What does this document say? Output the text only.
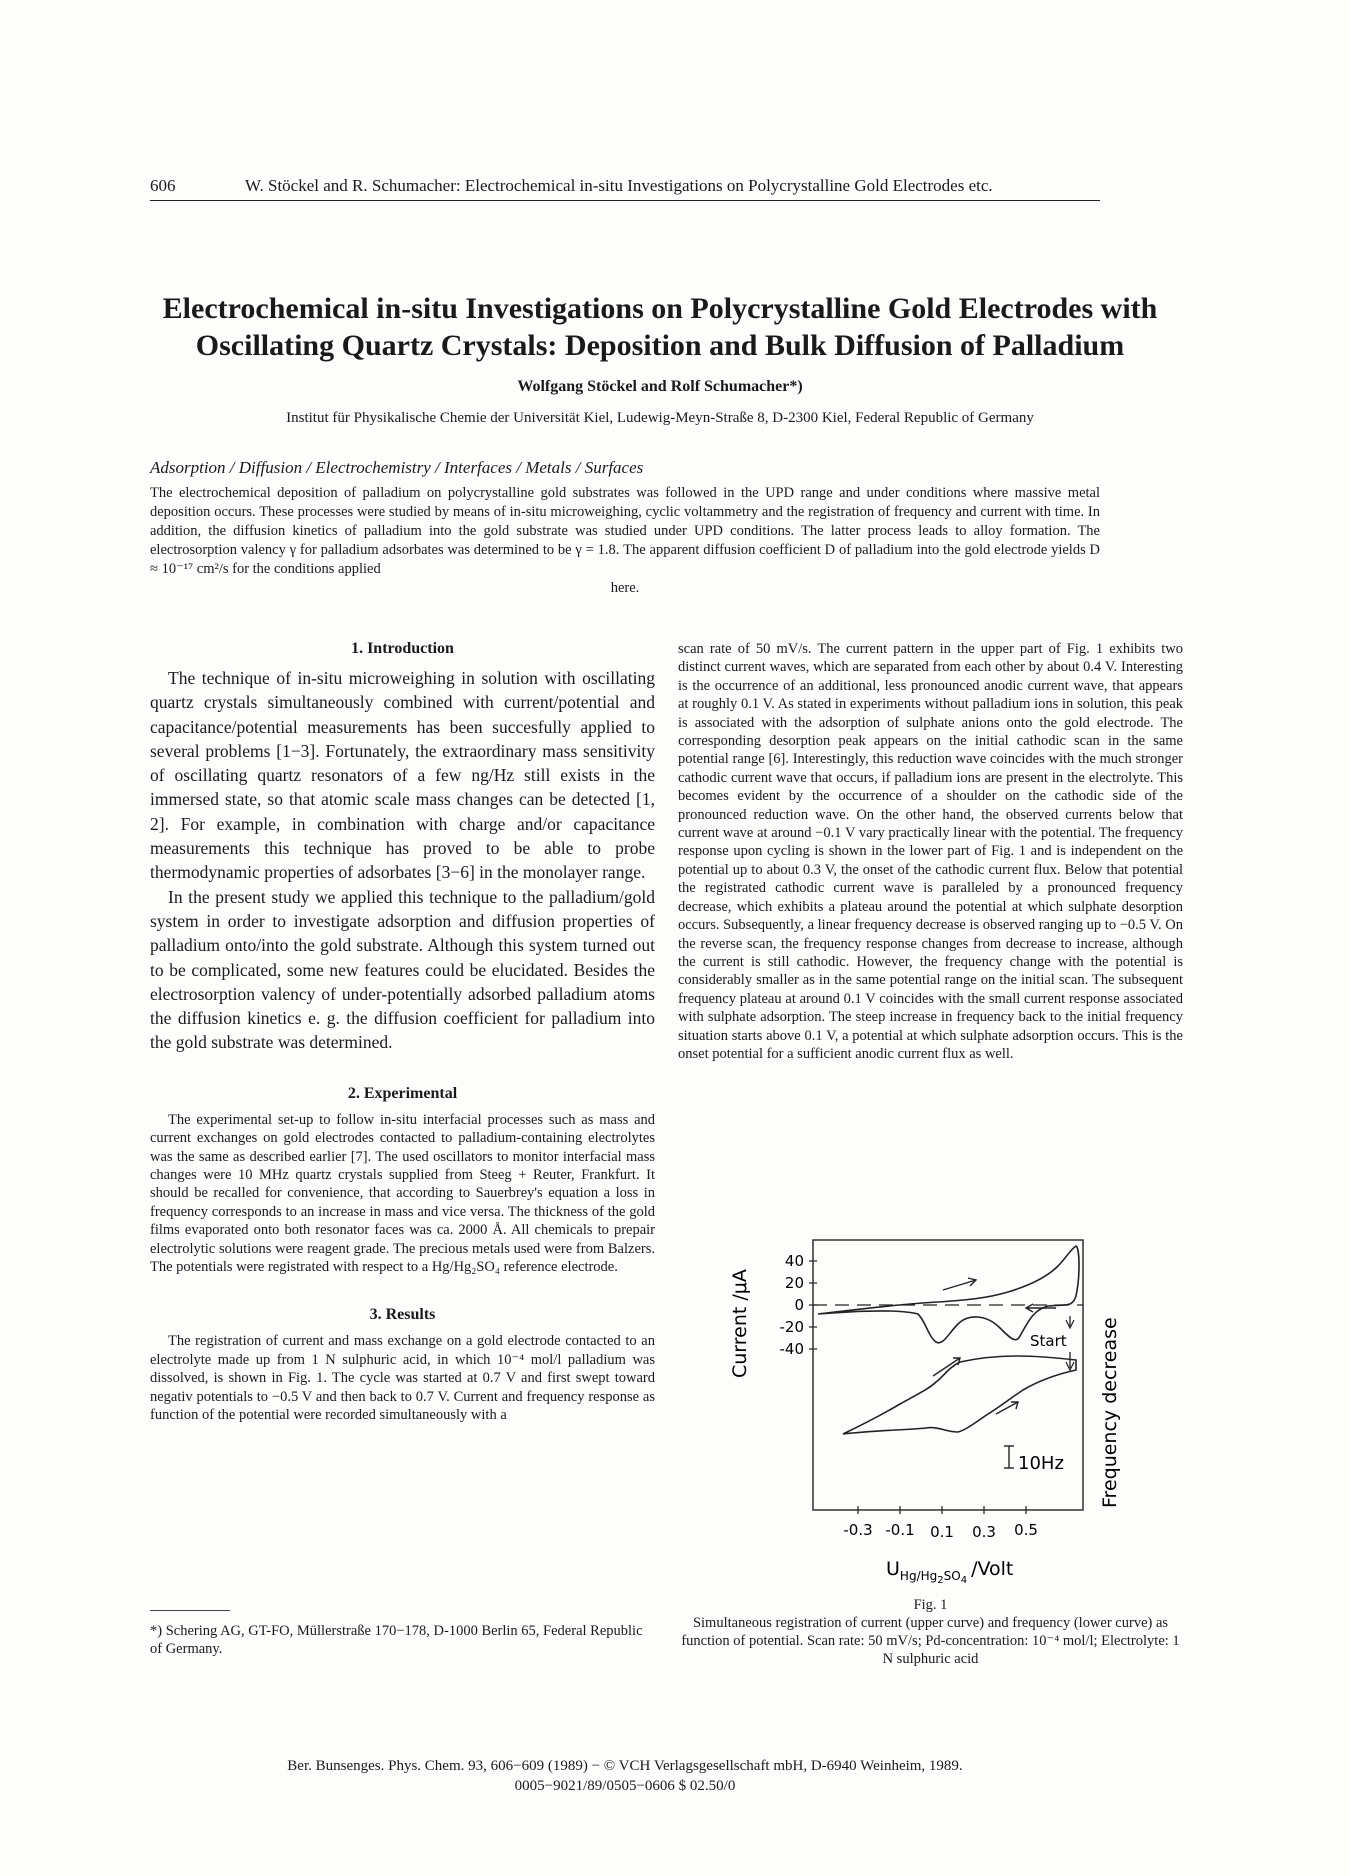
606	W. Stöckel and R. Schumacher: Electrochemical in-situ Investigations on Polycrystalline Gold Electrodes etc.
Electrochemical in-situ Investigations on Polycrystalline Gold Electrodes with
Oscillating Quartz Crystals: Deposition and Bulk Diffusion of Palladium
Wolfgang Stöckel and Rolf Schumacher*)
Institut für Physikalische Chemie der Universität Kiel, Ludewig-Meyn-Straße 8, D-2300 Kiel, Federal Republic of Germany
Adsorption / Diffusion / Electrochemistry / Interfaces / Metals / Surfaces
The electrochemical deposition of palladium on polycrystalline gold substrates was followed in the UPD range and under conditions where massive metal deposition occurs. These processes were studied by means of in-situ microweighing, cyclic voltammetry and the registration of frequency and current with time. In addition, the diffusion kinetics of palladium into the gold substrate was studied under UPD conditions. The latter process leads to alloy formation. The electrosorption valency γ for palladium adsorbates was determined to be γ = 1.8. The apparent diffusion coefficient D of palladium into the gold electrode yields D ≈ 10⁻¹⁷ cm²/s for the conditions applied
here.
1. Introduction

The technique of in-situ microweighing in solution with oscillating quartz crystals simultaneously combined with current/potential and capacitance/potential measurements has been succesfully applied to several problems [1−3]. Fortunately, the extraordinary mass sensitivity of oscillating quartz resonators of a few ng/Hz still exists in the immersed state, so that atomic scale mass changes can be detected [1, 2]. For example, in combination with charge and/or capacitance measurements this technique has proved to be able to probe thermodynamic properties of adsorbates [3−6] in the monolayer range.

In the present study we applied this technique to the palladium/gold system in order to investigate adsorption and diffusion properties of palladium onto/into the gold substrate. Although this system turned out to be complicated, some new features could be elucidated. Besides the electrosorption valency of under-potentially adsorbed palladium atoms the diffusion kinetics e. g. the diffusion coefficient for palladium into the gold substrate was determined.

2. Experimental

The experimental set-up to follow in-situ interfacial processes such as mass and current exchanges on gold electrodes contacted to palladium-containing electrolytes was the same as described earlier [7]. The used oscillators to monitor interfacial mass changes were 10 MHz quartz crystals supplied from Steeg + Reuter, Frankfurt. It should be recalled for convenience, that according to Sauerbrey's equation a loss in frequency corresponds to an increase in mass and vice versa. The thickness of the gold films evaporated onto both resonator faces was ca. 2000 Å. All chemicals to prepair electrolytic solutions were reagent grade. The precious metals used were from Balzers. The potentials were registrated with respect to a Hg/Hg₂SO₄ reference electrode.

3. Results

The registration of current and mass exchange on a gold electrode contacted to an electrolyte made up from 1 N sulphuric acid, in which 10⁻⁴ mol/l palladium was dissolved, is shown in Fig. 1. The cycle was started at 0.7 V and first swept toward negativ potentials to −0.5 V and then back to 0.7 V. Current and frequency response as function of the potential were recorded simultaneously with a

*) Schering AG, GT-FO, Müllerstraße 170−178, D-1000 Berlin 65, Federal Republic of Germany.

scan rate of 50 mV/s. The current pattern in the upper part of Fig. 1 exhibits two distinct current waves, which are separated from each other by about 0.4 V. Interesting is the occurrence of an additional, less pronounced anodic current wave, that appears at roughly 0.1 V. As stated in experiments without palladium ions in solution, this peak is associated with the adsorption of sulphate anions onto the gold electrode. The corresponding desorption peak appears on the initial cathodic scan in the same potential range [6]. Interestingly, this reduction wave coincides with the much stronger cathodic current wave that occurs, if palladium ions are present in the electrolyte. This becomes evident by the occurrence of a shoulder on the cathodic side of the pronounced reduction wave. On the other hand, the observed currents below that current wave at around −0.1 V vary practically linear with the potential. The frequency response upon cycling is shown in the lower part of Fig. 1 and is independent on the potential up to about 0.3 V, the onset of the cathodic current flux. Below that potential the registrated cathodic current wave is paralleled by a pronounced frequency decrease, which exhibits a plateau around the potential at which sulphate desorption occurs. Subsequently, a linear frequency decrease is observed ranging up to −0.5 V. On the reverse scan, the frequency response changes from decrease to increase, although the current is still cathodic. However, the frequency change with the potential is considerably smaller as in the same potential range on the initial scan. The subsequent frequency plateau at around 0.1 V coincides with the small current response associated with sulphate adsorption. The steep increase in frequency back to the initial frequency situation starts above 0.1 V, a potential at which sulphate adsorption occurs. This is the onset potential for a sufficient anodic current flux as well.

40
20
0
-20
-40
Current /μA	Frequency decrease
Start
10Hz
-0.3 -0.1 0.1 0.3 0.5
$U_{Hg/Hg}2SO4$/Volt
Fig. 1
Simultaneous registration of current (upper curve) and frequency (lower curve) as function of potential. Scan rate: 50 mV/s; Pd-concentration: 10⁻⁴ mol/l; Electrolyte: 1 N sulphuric acid
Ber. Bunsenges. Phys. Chem. 93, 606−609 (1989) − © VCH Verlagsgesellschaft mbH, D-6940 Weinheim, 1989.
0005−9021/89/0505−0606 $ 02.50/0
